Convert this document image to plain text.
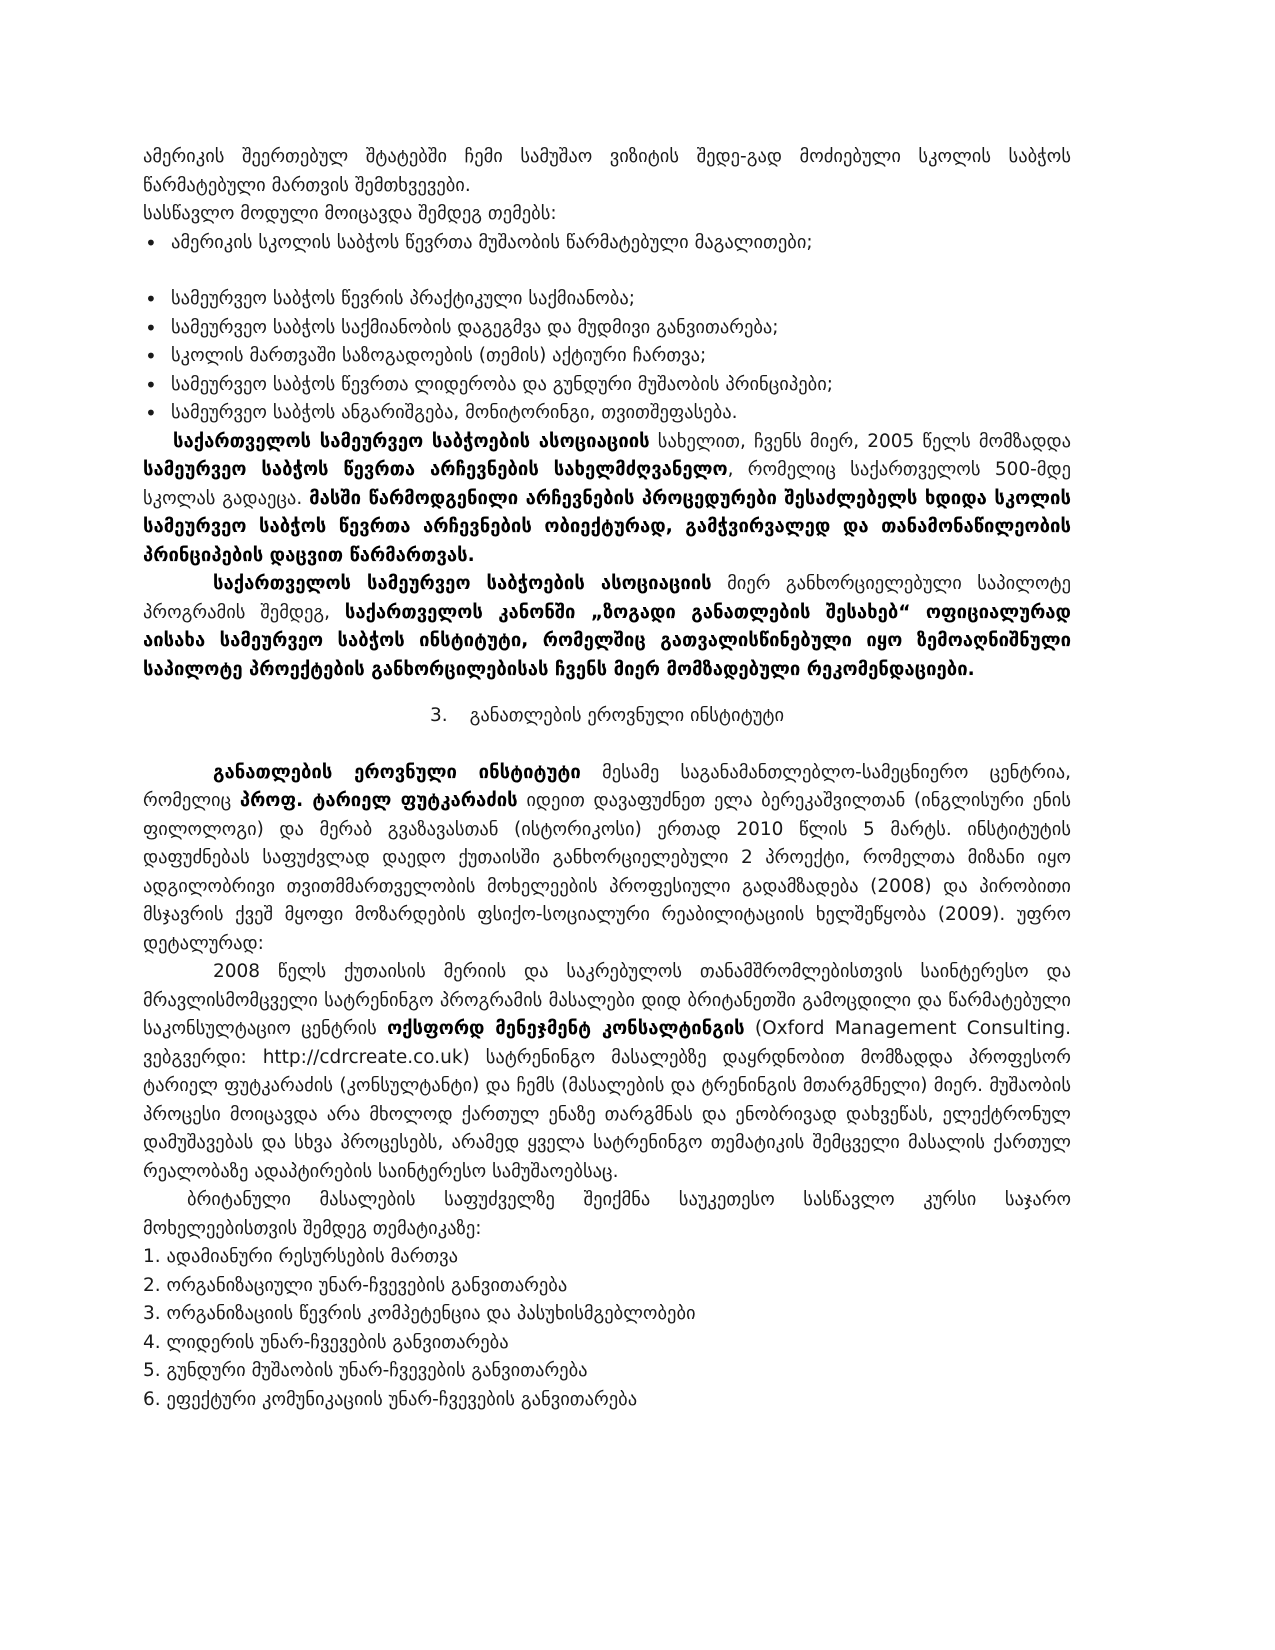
ამერიკის შეერთებულ შტატებში ჩემი სამუშაო ვიზიტის შედე-გად მოძიებული სკოლის საბჭოს წარმატებული მართვის შემთხვევები.

სასწავლო მოდული მოიცავდა შემდეგ თემებს:

• ამერიკის სკოლის საბჭოს წევრთა მუშაობის წარმატებული მაგალითები;
• სამეურვეო საბჭოს წევრის პრაქტიკული საქმიანობა;
• სამეურვეო საბჭოს საქმიანობის დაგეგმვა და მუდმივი განვითარება;
• სკოლის მართვაში საზოგადოების (თემის) აქტიური ჩართვა;
• სამეურვეო საბჭოს წევრთა ლიდერობა და გუნდური მუშაობის პრინციპები;
• სამეურვეო საბჭოს ანგარიშგება, მონიტორინგი, თვითშეფასება.

საქართველოს სამეურვეო საბჭოების ასოციაციის სახელით, ჩვენს მიერ, 2005 წელს მომზადდა სამეურვეო საბჭოს წევრთა არჩევნების სახელმძღვანელო, რომელიც საქართველოს 500-მდე სკოლას გადაეცა. მასში წარმოდგენილი არჩევნების პროცედურები შესაძლებელს ხდიდა სკოლის სამეურვეო საბჭოს წევრთა არჩევნების ობიექტურად, გამჭვირვალედ და თანამონაწილეობის პრინციპების დაცვით წარმართვას.

საქართველოს სამეურვეო საბჭოების ასოციაციის მიერ განხორციელებული საპილოტე პროგრამის შემდეგ, საქართველოს კანონში „ზოგადი განათლების შესახებ“ ოფიციალურად აისახა სამეურვეო საბჭოს ინსტიტუტი, რომელშიც გათვალისწინებული იყო ზემოაღნიშნული საპილოტე პროექტების განხორცილებისას ჩვენს მიერ მომზადებული რეკომენდაციები.

3. განათლების ეროვნული ინსტიტუტი

განათლების ეროვნული ინსტიტუტი მესამე საგანამანთლებლო-სამეცნიერო ცენტრია, რომელიც პროფ. ტარიელ ფუტკარაძის იდეით დავაფუძნეთ ელა ბერეკაშვილთან (ინგლისური ენის ფილოლოგი) და მერაბ გვაზავასთან (ისტორიკოსი) ერთად 2010 წლის 5 მარტს. ინსტიტუტის დაფუძნებას საფუძვლად დაედო ქუთაისში განხორციელებული 2 პროექტი, რომელთა მიზანი იყო ადგილობრივი თვითმმართველობის მოხელეების პროფესიული გადამზადება (2008) და პირობითი მსჯავრის ქვეშ მყოფი მოზარდების ფსიქო-სოციალური რეაბილიტაციის ხელშეწყობა (2009). უფრო დეტალურად:

2008 წელს ქუთაისის მერიის და საკრებულოს თანამშრომლებისთვის საინტერესო და მრავლისმომცველი სატრენინგო პროგრამის მასალები დიდ ბრიტანეთში გამოცდილი და წარმატებული საკონსულტაციო ცენტრის ოქსფორდ მენეჯმენტ კონსალტინგის (Oxford Management Consulting. ვებგვერდი: http://cdrcreate.co.uk) სატრენინგო მასალებზე დაყრდნობით მომზადდა პროფესორ ტარიელ ფუტკარაძის (კონსულტანტი) და ჩემს (მასალების და ტრენინგის მთარგმნელი) მიერ. მუშაობის პროცესი მოიცავდა არა მხოლოდ ქართულ ენაზე თარგმნას და ენობრივად დახვეწას, ელექტრონულ დამუშავებას და სხვა პროცესებს, არამედ ყველა სატრენინგო თემატიკის შემცველი მასალის ქართულ რეალობაზე ადაპტირების საინტერესო სამუშაოებსაც.

ბრიტანული მასალების საფუძველზე შეიქმნა საუკეთესო სასწავლო კურსი საჯარო მოხელეებისთვის შემდეგ თემატიკაზე:

1. ადამიანური რესურსების მართვა
2. ორგანიზაციული უნარ-ჩვევების განვითარება
3. ორგანიზაციის წევრის კომპეტენცია და პასუხისმგებლობები
4. ლიდერის უნარ-ჩვევების განვითარება
5. გუნდური მუშაობის უნარ-ჩვევების განვითარება
6. ეფექტური კომუნიკაციის უნარ-ჩვევების განვითარება
